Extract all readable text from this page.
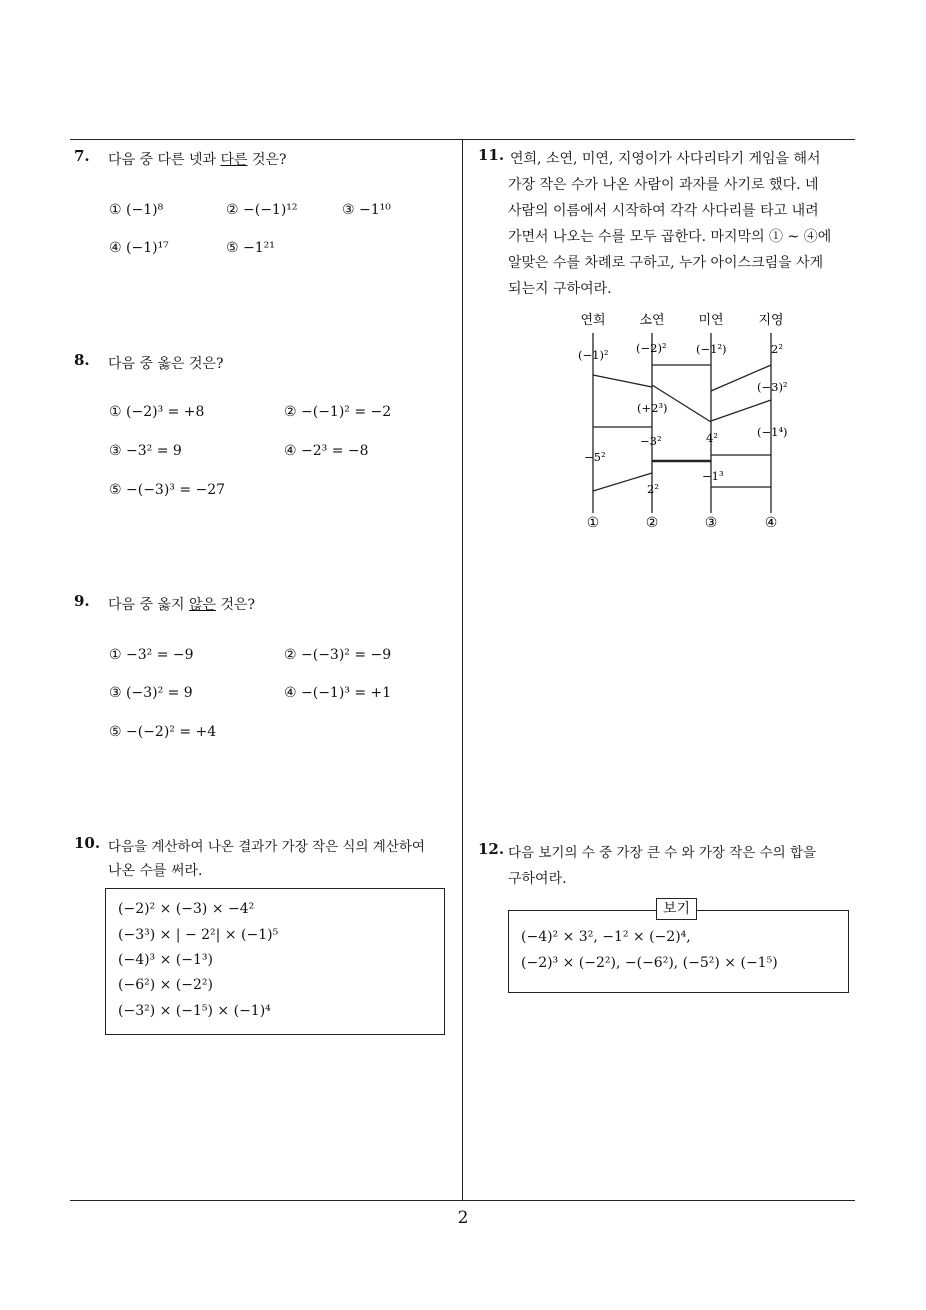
7. 다음 중 다른 넷과 다른 것은?
① (−1)⁸	② −(−1)¹²	③ −1¹⁰
④ (−1)¹⁷	⑤ −1²¹
8. 다음 중 옳은 것은?
① (−2)³ = +8	② −(−1)² = −2
③ −3² = 9	④ −2³ = −8
⑤ −(−3)³ = −27
9. 다음 중 옳지 않은 것은?
① −3² = −9	② −(−3)² = −9
③ (−3)² = 9	④ −(−1)³ = +1
⑤ −(−2)² = +4
10. 다음을 계산하여 나온 결과가 가장 작은 식의 계산하여
나온 수를 써라.
(−2)² × (−3) × −4²
(−3³) × | − 2²| × (−1)⁵
(−4)³ × (−1³)
(−6²) × (−2²)
(−3²) × (−1⁵) × (−1)⁴
11. 연희, 소연, 미연, 지영이가 사다리타기 게임을 해서
가장 작은 수가 나온 사람이 과자를 사기로 했다. 네
사람의 이름에서 시작하여 각각 사다리를 타고 내려
가면서 나오는 수를 모두 곱한다. 마지막의 ① ~ ④에
알맞은 수를 차례로 구하고, 누가 아이스크림을 사게
되는지 구하여라.
연희	소연	미연	지영
(−1)² (−2)²	(−1²)	2²
(−3)²
(+2³)
−3²	4²	(−1⁴)
−5²
−1³
2²
①	②	③	④
12. 다음 보기의 수 중 가장 큰 수 와 가장 작은 수의 합을
구하여라.
(−4)² × 3², −1² × (−2)⁴,
(−2)³ × (−2²), −(−6²), (−5²) × (−1⁵)
보기
2
